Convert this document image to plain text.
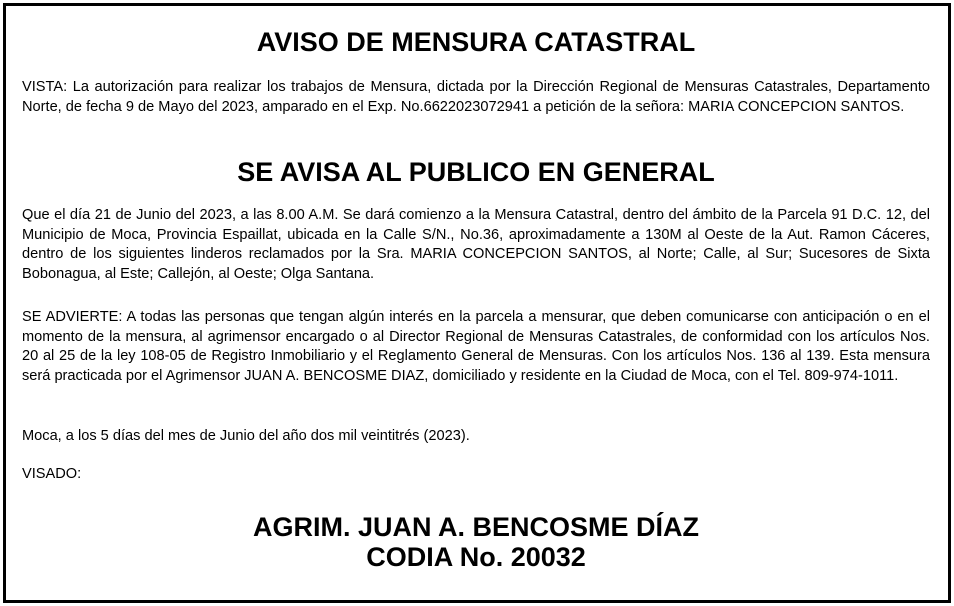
AVISO DE MENSURA CATASTRAL

VISTA: La autorización para realizar los trabajos de Mensura, dictada por la Dirección Regional de Mensuras Catastrales, Departamento Norte, de fecha 9 de Mayo del 2023, amparado en el Exp. No.6622023072941 a petición de la señora: MARIA CONCEPCION SANTOS.

SE AVISA AL PUBLICO EN GENERAL

Que el día 21 de Junio del 2023, a las 8.00 A.M. Se dará comienzo a la Mensura Catastral, dentro del ámbito de la Parcela 91 D.C. 12, del Municipio de Moca, Provincia Espaillat, ubicada en la Calle S/N., No.36, aproximadamente a 130M al Oeste de la Aut. Ramon Cáceres, dentro de los siguientes linderos reclamados por la Sra. MARIA CONCEPCION SANTOS, al Norte; Calle, al Sur; Sucesores de Sixta Bobonagua, al Este; Callejón, al Oeste; Olga Santana.

SE ADVIERTE: A todas las personas que tengan algún interés en la parcela a mensurar, que deben comunicarse con anticipación o en el momento de la mensura, al agrimensor encargado o al Director Regional de Mensuras Catastrales, de conformidad con los artículos Nos. 20 al 25 de la ley 108-05 de Registro Inmobiliario y el Reglamento General de Mensuras. Con los artículos Nos. 136 al 139. Esta mensura será practicada por el Agrimensor JUAN A. BENCOSME DIAZ, domiciliado y residente en la Ciudad de Moca, con el Tel. 809-974-1011.

Moca, a los 5 días del mes de Junio del año dos mil veintitrés (2023).

VISADO:

AGRIM. JUAN A. BENCOSME DÍAZ
CODIA No. 20032
